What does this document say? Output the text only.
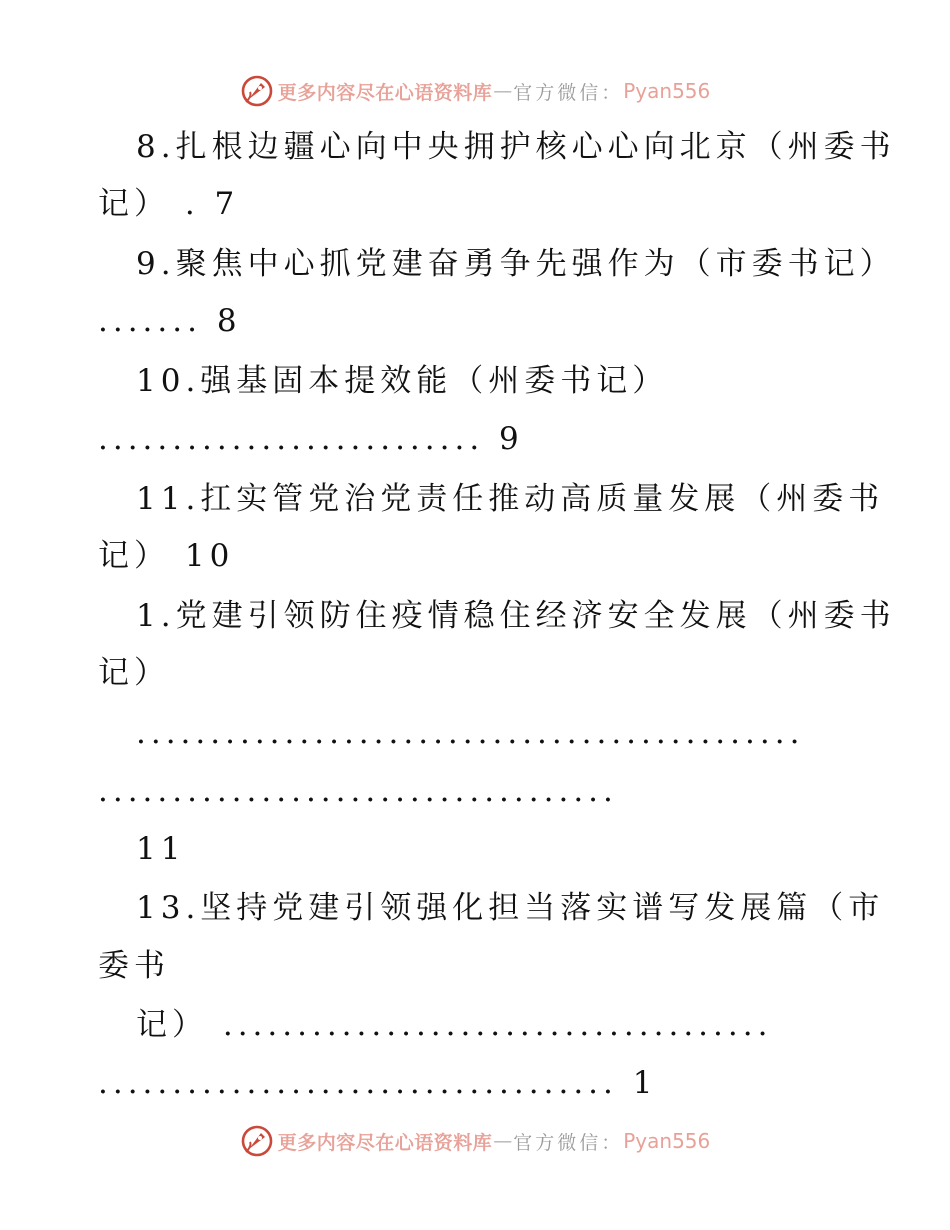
更多内容尽在心语资料库 — 官方微信： Pyan556
8.扎根边疆心向中央拥护核心心向北京（州委书
记） . 7
9.聚焦中心抓党建奋勇争先强作为（市委书记）
....... 8
10.强基固本提效能（州委书记）
.......................... 9
11.扛实管党治党责任推动高质量发展（州委书
记） 10
1.党建引领防住疫情稳住经济安全发展（州委书
记）
.............................................
...................................
11
13.坚持党建引领强化担当落实谱写发展篇（市
委书
记） .....................................
................................... 1
更多内容尽在心语资料库 — 官方微信： Pyan556
